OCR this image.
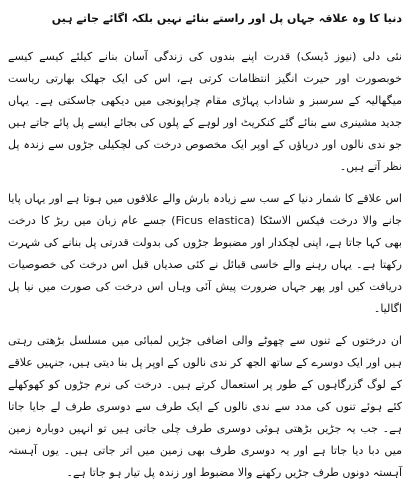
دنیا کا وہ علاقہ جہاں پل اور راستے بنائے نہیں بلکہ اگائے جاتے ہیں

نئی دلی (نیوز ڈیسک) قدرت اپنے بندوں کی زندگی آسان بنانے کیلئے کیسے کیسے خوبصورت اور حیرت انگیز انتظامات کرتی ہے، اس کی ایک جھلک بھارتی ریاست میگھالیہ کے سرسبز و شاداب پہاڑی مقام چراپونجی میں دیکھی جاسکتی ہے۔ یہاں جدید مشینری سے بنائے گئے کنکریٹ اور لوہے کے پلوں کی بجائے ایسے پل پائے جاتے ہیں جو ندی نالوں اور دریاؤں کے اوپر ایک مخصوص درخت کی لچکیلی جڑوں سے زندہ پل نظر آتے ہیں۔

اس علاقے کا شمار دنیا کے سب سے زیادہ بارش والے علاقوں میں ہوتا ہے اور یہاں پایا جانے والا درخت فیکس الاسٹکا (Ficus elastica) جسے عام زبان میں ربڑ کا درخت بھی کہا جاتا ہے، اپنی لچکدار اور مضبوط جڑوں کی بدولت قدرتی پل بنانے کی شہرت رکھتا ہے۔ یہاں رہنے والے خاسی قبائل نے کئی صدیاں قبل اس درخت کی خصوصیات دریافت کیں اور پھر جہاں ضرورت پیش آئی وہاں اس درخت کی صورت میں نیا پل اگالیا۔

ان درختوں کے تنوں سے چھوٹے والی اضافی جڑیں لمبائی میں مسلسل بڑھتی رہتی ہیں اور ایک دوسرے کے ساتھ الجھ کر ندی نالوں کے اوپر پل بنا دیتی ہیں، جنہیں علاقے کے لوگ گزرگاہوں کے طور پر استعمال کرتے ہیں۔ درخت کی نرم جڑوں کو کھوکھلے کئے ہوئے تنوں کی مدد سے ندی نالوں کے ایک طرف سے دوسری طرف لے جایا جاتا ہے۔ جب یہ جڑیں بڑھتی ہوئی دوسری طرف چلی جاتی ہیں تو انہیں دوبارہ زمین میں دبا دیا جاتا ہے اور یہ دوسری طرف بھی زمین میں اتر جاتی ہیں۔ یوں آہستہ آہستہ دونوں طرف جڑیں رکھنے والا مضبوط اور زندہ پل تیار ہو جاتا ہے۔
